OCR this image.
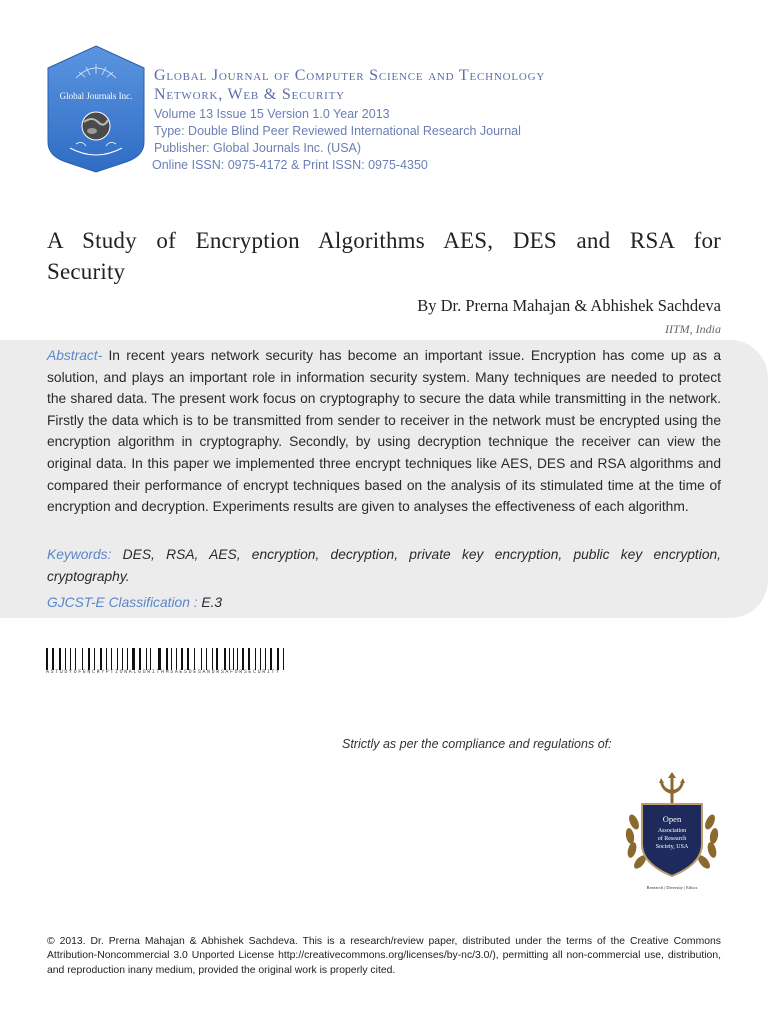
Global Journals Inc.

Global Journal of Computer Science and Technology

Network, Web & Security

Volume 13 Issue 15 Version 1.0 Year 2013

Type: Double Blind Peer Reviewed International Research Journal

Publisher: Global Journals Inc. (USA)

Online ISSN: 0975-4172 & Print ISSN: 0975-4350

A Study of Encryption Algorithms AES, DES and RSA for
Security
By Dr. Prerna Mahajan & Abhishek Sachdeva
IITM, India

Abstract- In recent years network security has become an important issue. Encryption has come up as a solution, and plays an important role in information security system. Many techniques are needed to protect the shared data. The present work focus on cryptography to secure the data while transmitting in the network. Firstly the data which is to be transmitted from sender to receiver in the network must be encrypted using the encryption algorithm in cryptography. Secondly, by using decryption technique the receiver can view the original data. In this paper we implemented three encrypt techniques like AES, DES and RSA algorithms and compared their performance of encrypt techniques based on the analysis of its stimulated time at the time of encryption and decryption. Experiments results are given to analyses the effectiveness of each algorithm.

Keywords: DES, RSA, AES, encryption, decryption, private key encryption, public key encryption, cryptography.

GJCST-E Classification : E.3

ASTUDYOFENCRYPTIONALGORITHMSAESDESANDRSAFORSECURITY
Strictly as per the compliance and regulations of:
Open
Association
of Research
Society, USA
Research | Diversity | Ethics

© 2013. Dr. Prerna Mahajan & Abhishek Sachdeva. This is a research/review paper, distributed under the terms of the Creative Commons Attribution-Noncommercial 3.0 Unported License http://creativecommons.org/licenses/by-nc/3.0/), permitting all non-commercial use, distribution, and reproduction inany medium, provided the original work is properly cited.
